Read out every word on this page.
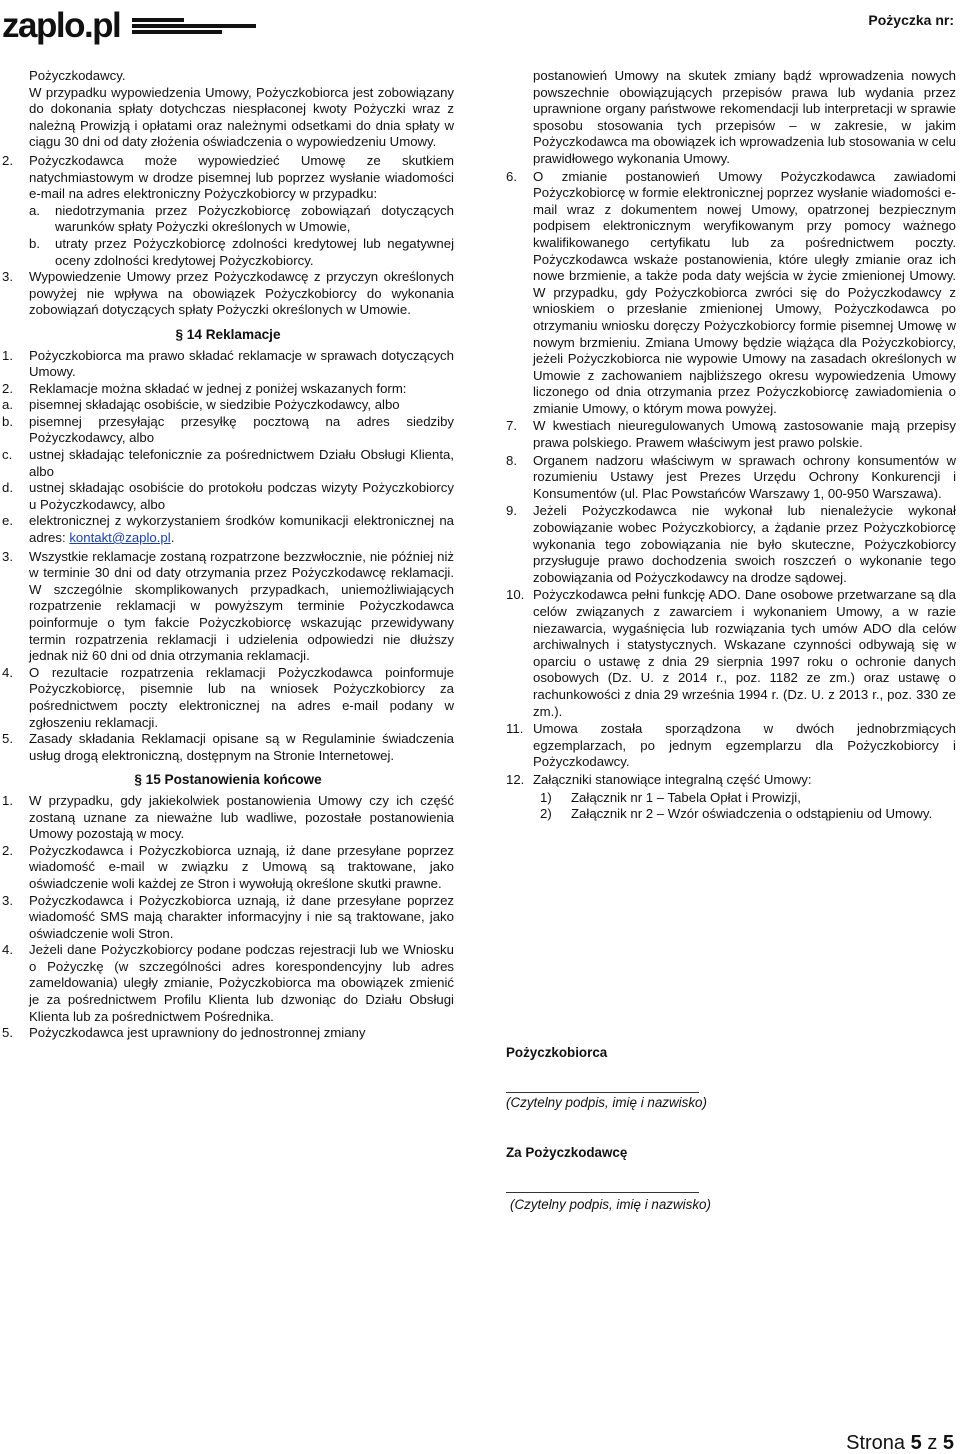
zaplo.pl	Pożyczka nr:

Pożyczkodawcy.

W przypadku wypowiedzenia Umowy, Pożyczkobiorca jest zobowiązany do dokonania spłaty dotychczas niespłaconej kwoty Pożyczki wraz z należną Prowizją i opłatami oraz należnymi odsetkami do dnia spłaty w ciągu 30 dni od daty złożenia oświadczenia o wypowiedzeniu Umowy.

2. Pożyczkodawca może wypowiedzieć Umowę ze skutkiem natychmiastowym w drodze pisemnej lub poprzez wysłanie wiadomości e-mail na adres elektroniczny Pożyczkobiorcy w przypadku:
a.	niedotrzymania przez Pożyczkobiorcę zobowiązań dotyczących warunków spłaty Pożyczki określonych w Umowie,
b.	utraty przez Pożyczkobiorcę zdolności kredytowej lub negatywnej oceny zdolności kredytowej Pożyczkobiorcy.
3. Wypowiedzenie Umowy przez Pożyczkodawcę z przyczyn określonych powyżej nie wpływa na obowiązek Pożyczkobiorcy do wykonania zobowiązań dotyczących spłaty Pożyczki określonych w Umowie.
§ 14 Reklamacje
1. Pożyczkobiorca ma prawo składać reklamacje w sprawach dotyczących Umowy.
2. Reklamacje można składać w jednej z poniżej wskazanych form:
a. pisemnej składając osobiście, w siedzibie Pożyczkodawcy, albo
b. pisemnej przesyłając przesyłkę pocztową na adres siedziby Pożyczkodawcy, albo
c. ustnej składając telefonicznie za pośrednictwem Działu Obsługi Klienta, albo
d. ustnej składając osobiście do protokołu podczas wizyty Pożyczkobiorcy u Pożyczkodawcy, albo
e. elektronicznej z wykorzystaniem środków komunikacji elektronicznej na adres: kontakt@zaplo.pl.
3. Wszystkie reklamacje zostaną rozpatrzone bezzwłocznie, nie później niż w terminie 30 dni od daty otrzymania przez Pożyczkodawcę reklamacji. W szczególnie skomplikowanych przypadkach, uniemożliwiających rozpatrzenie reklamacji w powyższym terminie Pożyczkodawca poinformuje o tym fakcie Pożyczkobiorcę wskazując przewidywany termin rozpatrzenia reklamacji i udzielenia odpowiedzi nie dłuższy jednak niż 60 dni od dnia otrzymania reklamacji.
4. O rezultacie rozpatrzenia reklamacji Pożyczkodawca poinformuje Pożyczkobiorcę, pisemnie lub na wniosek Pożyczkobiorcy za pośrednictwem poczty elektronicznej na adres e-mail podany w zgłoszeniu reklamacji.
5. Zasady składania Reklamacji opisane są w Regulaminie świadczenia usług drogą elektroniczną, dostępnym na Stronie Internetowej.
§ 15 Postanowienia końcowe
1. W przypadku, gdy jakiekolwiek postanowienia Umowy czy ich część zostaną uznane za nieważne lub wadliwe, pozostałe postanowienia Umowy pozostają w mocy.
2. Pożyczkodawca i Pożyczkobiorca uznają, iż dane przesyłane poprzez wiadomość e-mail w związku z Umową są traktowane, jako oświadczenie woli każdej ze Stron i wywołują określone skutki prawne.
3. Pożyczkodawca i Pożyczkobiorca uznają, iż dane przesyłane poprzez wiadomość SMS mają charakter informacyjny i nie są traktowane, jako oświadczenie woli Stron.
4. Jeżeli dane Pożyczkobiorcy podane podczas rejestracji lub we Wniosku o Pożyczkę (w szczególności adres korespondencyjny lub adres zameldowania) uległy zmianie, Pożyczkobiorca ma obowiązek zmienić je za pośrednictwem Profilu Klienta lub dzwoniąc do Działu Obsługi Klienta lub za pośrednictwem Pośrednika.
5. Pożyczkodawca jest uprawniony do jednostronnej zmiany

postanowień Umowy na skutek zmiany bądź wprowadzenia nowych powszechnie obowiązujących przepisów prawa lub wydania przez uprawnione organy państwowe rekomendacji lub interpretacji w sprawie sposobu stosowania tych przepisów – w zakresie, w jakim Pożyczkodawca ma obowiązek ich wprowadzenia lub stosowania w celu prawidłowego wykonania Umowy.

6. O zmianie postanowień Umowy Pożyczkodawca zawiadomi Pożyczkobiorcę w formie elektronicznej poprzez wysłanie wiadomości e-mail wraz z dokumentem nowej Umowy, opatrzonej bezpiecznym podpisem elektronicznym weryfikowanym przy pomocy ważnego kwalifikowanego certyfikatu lub za pośrednictwem poczty. Pożyczkodawca wskaże postanowienia, które uległy zmianie oraz ich nowe brzmienie, a także poda daty wejścia w życie zmienionej Umowy. W przypadku, gdy Pożyczkobiorca zwróci się do Pożyczkodawcy z wnioskiem o przesłanie zmienionej Umowy, Pożyczkodawca po otrzymaniu wniosku doręczy Pożyczkobiorcy formie pisemnej Umowę w nowym brzmieniu. Zmiana Umowy będzie wiążąca dla Pożyczkobiorcy, jeżeli Pożyczkobiorca nie wypowie Umowy na zasadach określonych w Umowie z zachowaniem najbliższego okresu wypowiedzenia Umowy liczonego od dnia otrzymania przez Pożyczkobiorcę zawiadomienia o zmianie Umowy, o którym mowa powyżej.
7. W kwestiach nieuregulowanych Umową zastosowanie mają przepisy prawa polskiego. Prawem właściwym jest prawo polskie.
8. Organem nadzoru właściwym w sprawach ochrony konsumentów w rozumieniu Ustawy jest Prezes Urzędu Ochrony Konkurencji i Konsumentów (ul. Plac Powstańców Warszawy 1, 00-950 Warszawa).
9. Jeżeli Pożyczkodawca nie wykonał lub nienależycie wykonał zobowiązanie wobec Pożyczkobiorcy, a żądanie przez Pożyczkobiorcę wykonania tego zobowiązania nie było skuteczne, Pożyczkobiorcy przysługuje prawo dochodzenia swoich roszczeń o wykonanie tego zobowiązania od Pożyczkodawcy na drodze sądowej.
10. Pożyczkodawca pełni funkcję ADO. Dane osobowe przetwarzane są dla celów związanych z zawarciem i wykonaniem Umowy, a w razie niezawarcia, wygaśnięcia lub rozwiązania tych umów ADO dla celów archiwalnych i statystycznych. Wskazane czynności odbywają się w oparciu o ustawę z dnia 29 sierpnia 1997 roku o ochronie danych osobowych (Dz. U. z 2014 r., poz. 1182 ze zm.) oraz ustawę o rachunkowości z dnia 29 września 1994 r. (Dz. U. z 2013 r., poz. 330 ze zm.).
11. Umowa została sporządzona w dwóch jednobrzmiących egzemplarzach, po jednym egzemplarzu dla Pożyczkobiorcy i Pożyczkodawcy.
12. Załączniki stanowiące integralną część Umowy:
1) Załącznik nr 1 – Tabela Opłat i Prowizji,
2) Załącznik nr 2 – Wzór oświadczenia o odstąpieniu od Umowy.
Pożyczkobiorca
(Czytelny podpis, imię i nazwisko)
Za Pożyczkodawcę
(Czytelny podpis, imię i nazwisko)
Strona 5 z 5
